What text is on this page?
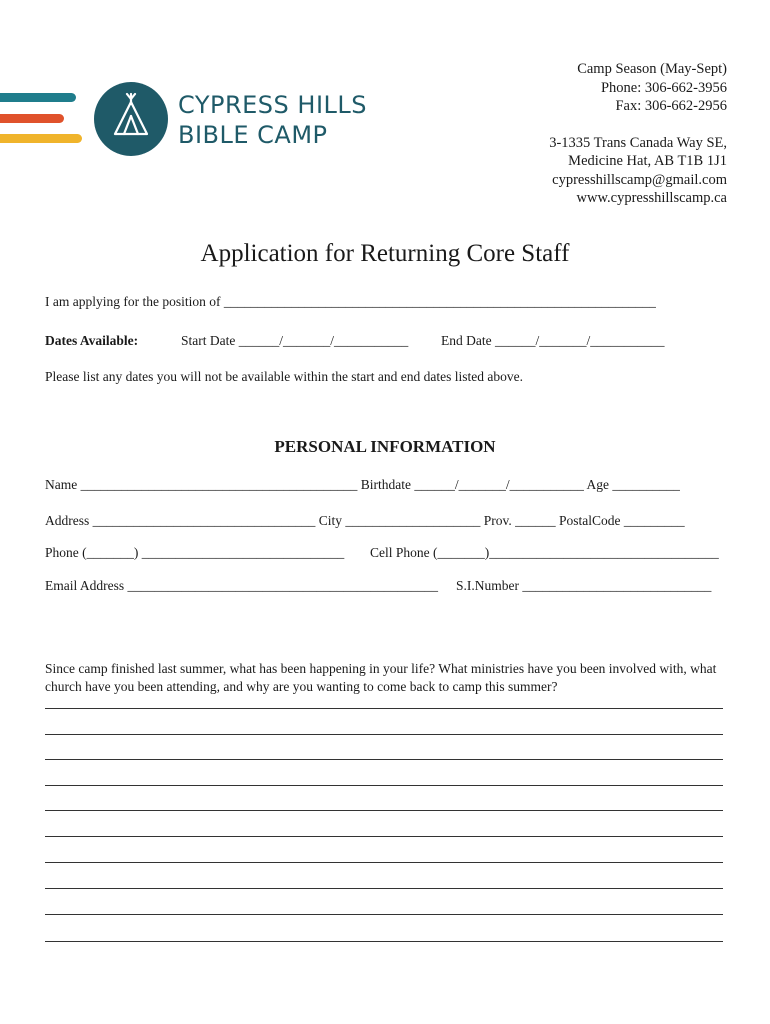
CYPRESS HILLS
BIBLE CAMP
Camp Season (May-Sept)
Phone: 306-662-3956
Fax: 306-662-2956
3-1335 Trans Canada Way SE,
Medicine Hat, AB T1B 1J1
cypresshillscamp@gmail.com
www.cypresshillscamp.ca
Application for Returning Core Staff
I am applying for the position of ________________________________________________________________
Dates Available:	Start Date ______/_______/___________ End Date ______/_______/___________
Please list any dates you will not be available within the start and end dates listed above.
PERSONAL INFORMATION
Name _________________________________________ Birthdate ______/_______/___________ Age __________
Address _________________________________ City ____________________ Prov. ______ PostalCode _________
Phone (_______) ______________________________ Cell Phone (_______)__________________________________
Email Address ______________________________________________ S.I.Number ____________________________
Since camp finished last summer, what has been happening in your life? What ministries have you been involved with, what church have you been attending, and why are you wanting to come back to camp this summer?
